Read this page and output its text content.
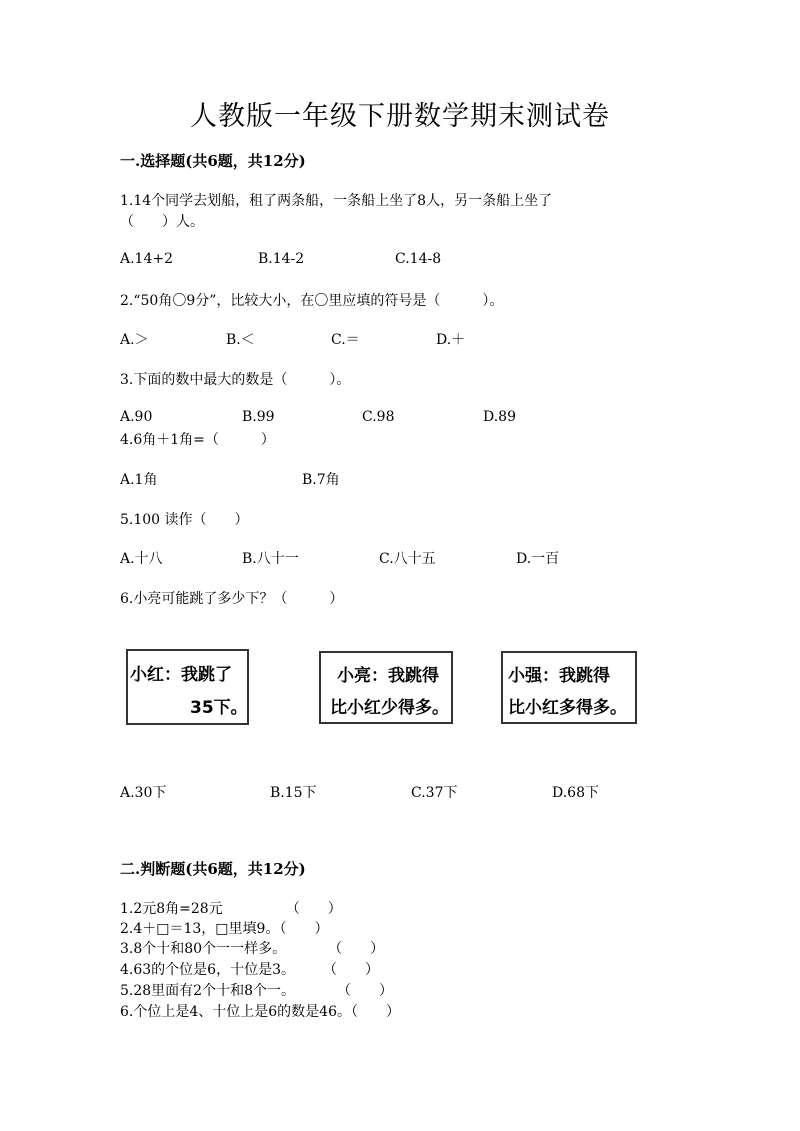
人教版一年级下册数学期末测试卷
一.选择题(共6题，共12分)
1.14个同学去划船，租了两条船，一条船上坐了8人，另一条船上坐了
（　　）人。
A.14+2	B.14-2	C.14-8
2.“50角〇9分”，比较大小，在〇里应填的符号是（　　　）。
A.＞	B.＜	C.＝	D.＋
3.下面的数中最大的数是（　　　）。
A.90	B.99	C.98	D.89
4.6角＋1角=（　　　）
A.1角	B.7角
5.100 读作（　　）
A.十八	B.八十一	C.八十五	D.一百
6.小亮可能跳了多少下？（　　　）
小红：我跳了
35下。
小亮：我跳得
比小红少得多。
小强：我跳得
比小红多得多。
A.30下	B.15下	C.37下	D.68下
二.判断题(共6题，共12分)
1.2元8角=28元　　　　　（　　）
2.4＋□＝13，□里填9。（　　）
3.8个十和80个一一样多。　　　　（　　）
4.63的个位是6，十位是3。　　　（　　）
5.28里面有2个十和8个一。　　　　（　　）
6.个位上是4、十位上是6的数是46。（　　）
